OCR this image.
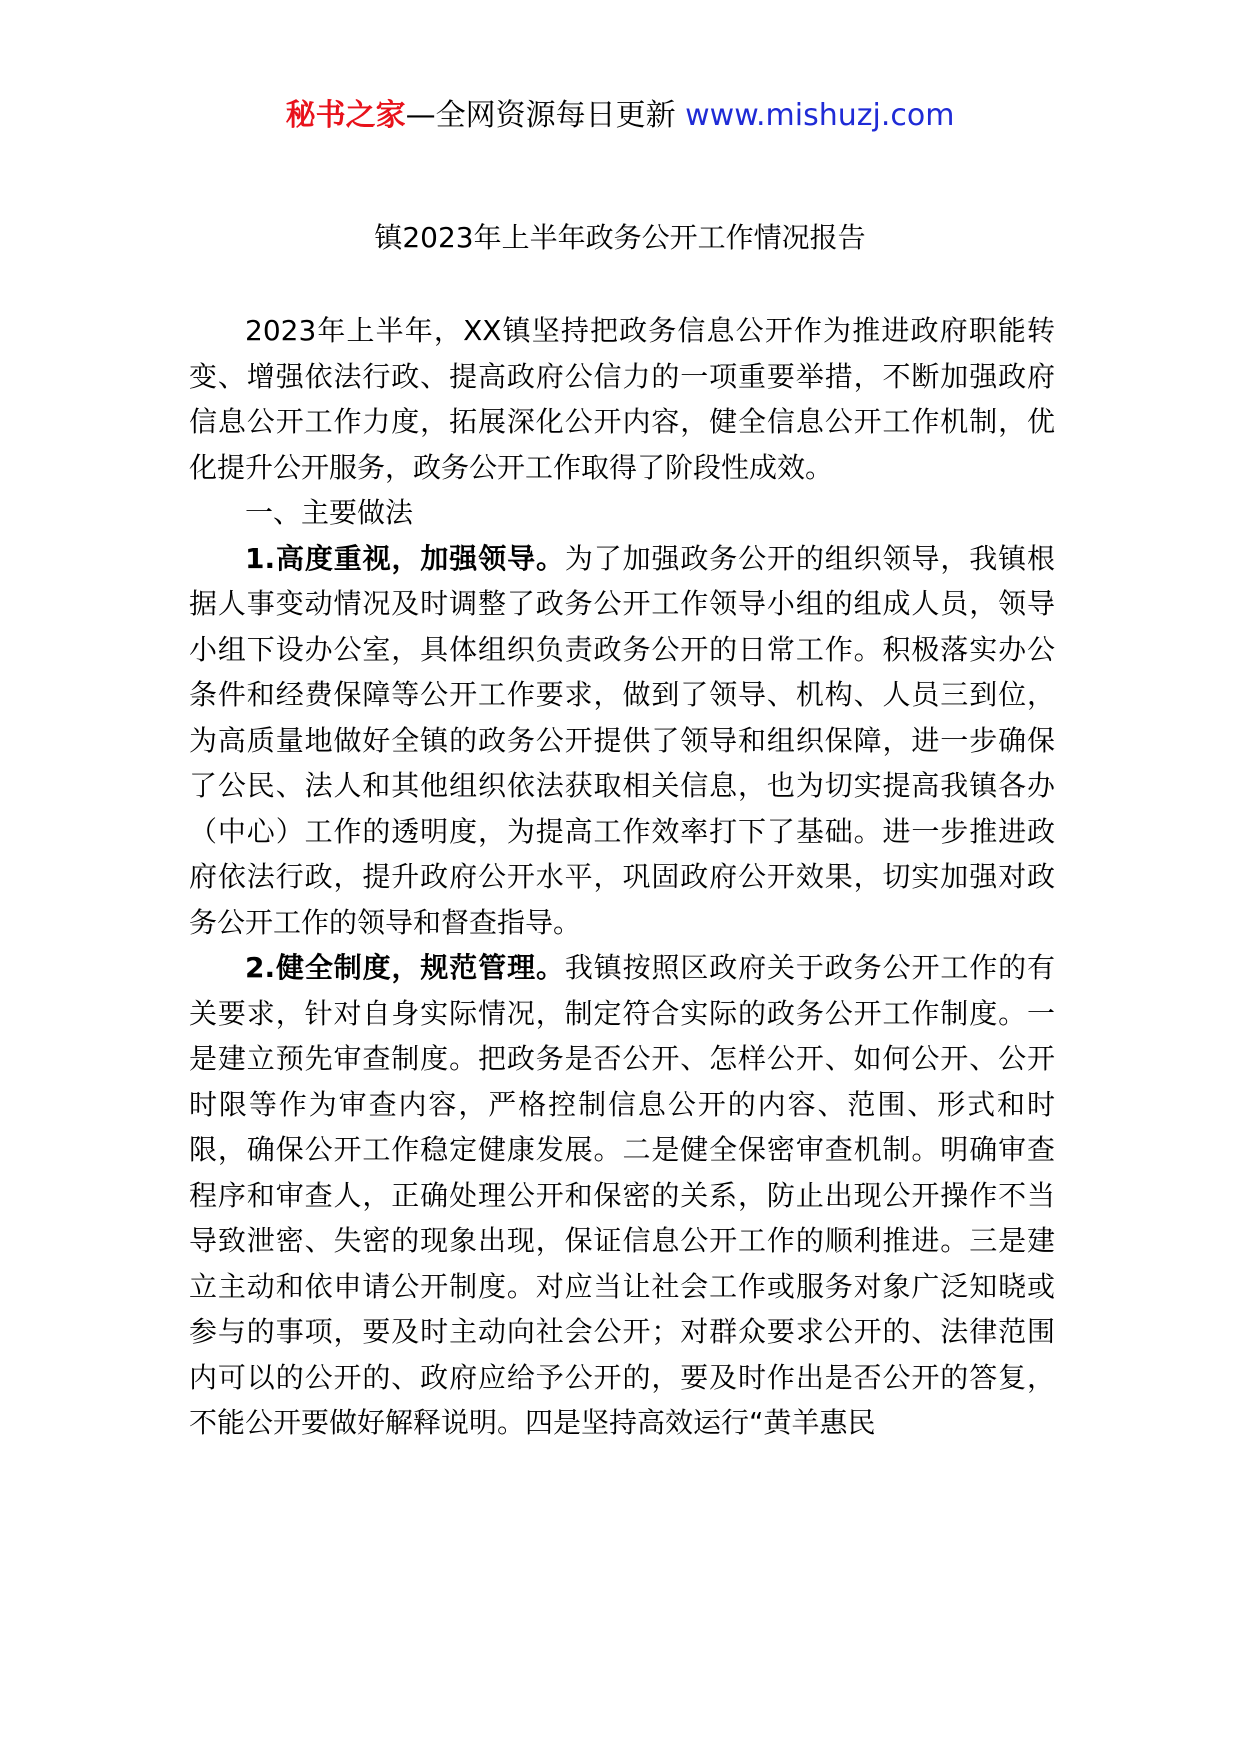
秘书之家—全网资源每日更新 www.mishuzj.com
镇2023年上半年政务公开工作情况报告

2023年上半年，XX镇坚持把政务信息公开作为推进政府职能转变、增强依法行政、提高政府公信力的一项重要举措，不断加强政府信息公开工作力度，拓展深化公开内容，健全信息公开工作机制，优化提升公开服务，政务公开工作取得了阶段性成效。

一、主要做法

1.高度重视，加强领导。为了加强政务公开的组织领导，我镇根据人事变动情况及时调整了政务公开工作领导小组的组成人员，领导小组下设办公室，具体组织负责政务公开的日常工作。积极落实办公条件和经费保障等公开工作要求，做到了领导、机构、人员三到位，为高质量地做好全镇的政务公开提供了领导和组织保障，进一步确保了公民、法人和其他组织依法获取相关信息，也为切实提高我镇各办（中心）工作的透明度，为提高工作效率打下了基础。进一步推进政府依法行政，提升政府公开水平，巩固政府公开效果，切实加强对政务公开工作的领导和督查指导。

2.健全制度，规范管理。我镇按照区政府关于政务公开工作的有关要求，针对自身实际情况，制定符合实际的政务公开工作制度。一是建立预先审查制度。把政务是否公开、怎样公开、如何公开、公开时限等作为审查内容，严格控制信息公开的内容、范围、形式和时限，确保公开工作稳定健康发展。二是健全保密审查机制。明确审查程序和审查人，正确处理公开和保密的关系，防止出现公开操作不当导致泄密、失密的现象出现，保证信息公开工作的顺利推进。三是建立主动和依申请公开制度。对应当让社会工作或服务对象广泛知晓或参与的事项，要及时主动向社会公开；对群众要求公开的、法律范围内可以的公开的、政府应给予公开的，要及时作出是否公开的答复，不能公开要做好解释说明。四是坚持高效运行“黄羊惠民
